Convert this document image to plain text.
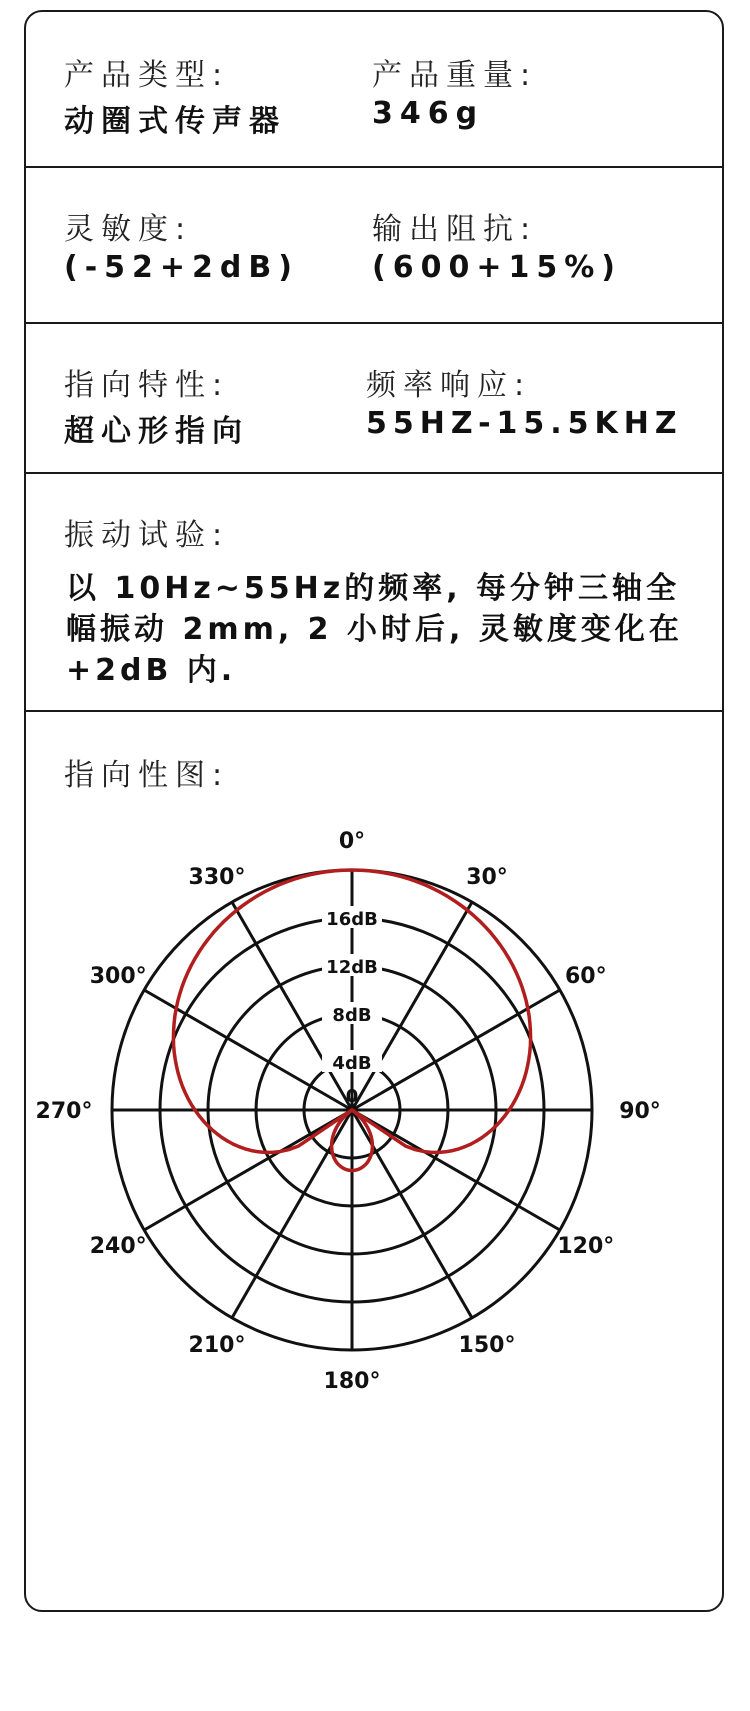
产品类型:
动圈式传声器
产品重量:
346g
灵敏度:
(-52+2dB)
输出阻抗:
(600+15%)
指向特性:
超心形指向
频率响应:
55HZ-15.5KHZ
振动试验:
以 10Hz~55Hz的频率, 每分钟三轴全幅振动 2mm, 2 小时后, 灵敏度变化在+2dB 内.
指向性图:
4dB
8dB
12dB
16dB
0
0°
30°
60°
90°
120°
150°
180°
210°
240°
270°
300°
330°
